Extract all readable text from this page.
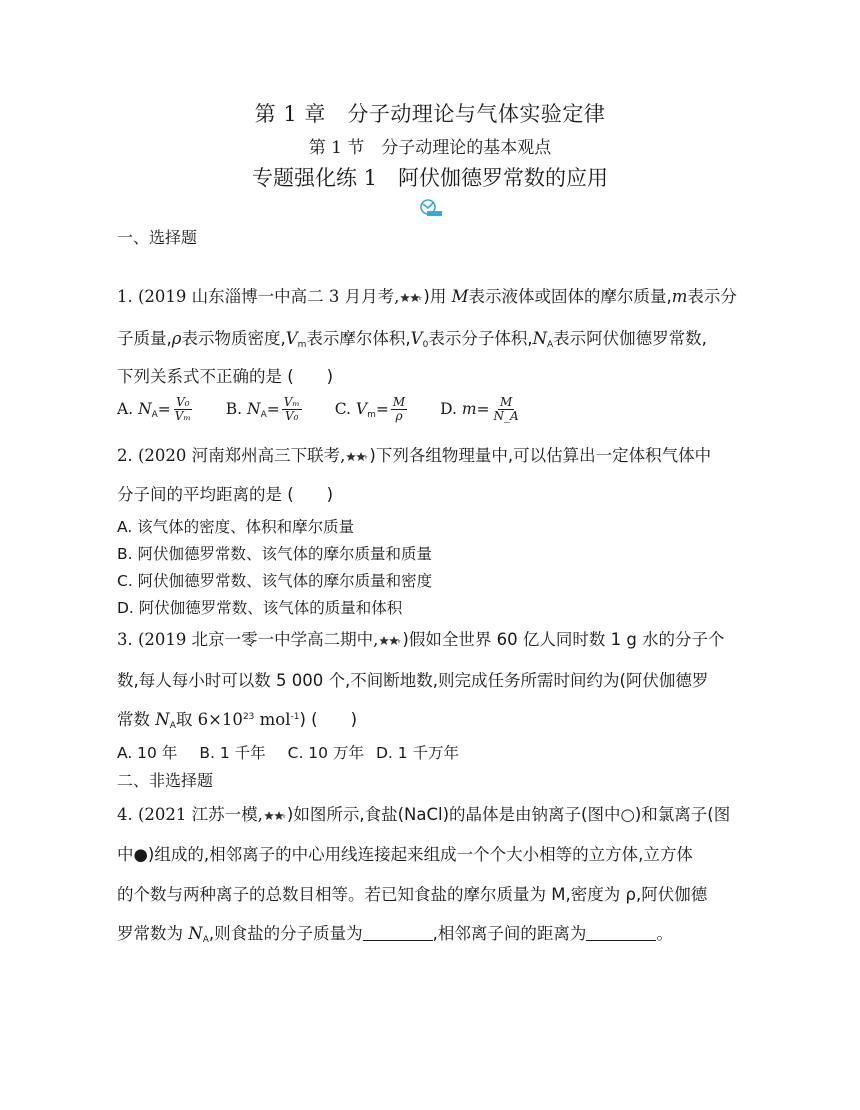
第 1 章　分子动理论与气体实验定律
第 1 节　分子动理论的基本观点
专题强化练 1　阿伏伽德罗常数的应用
一、选择题
1. (2019 山东淄博一中高二 3 月月考, )用 M表示液体或固体的摩尔质量,m表示分
子质量,ρ表示物质密度$,V_m$表示摩尔体积$,V_0$表示分子体积$,N_A$表示阿伏伽德罗常数,
下列关系式不正确的是 (　　)
A. $N_A= \frac{\text{V₀}}{\text{Vₘ}} B$. $N_A= \frac{\text{Vₘ}}{\text{V₀}} C$. $V_m= \frac{M}{\rho} D$. $m= \frac{M}{N\_A}$
2. (2020 河南郑州高三下联考, )下列各组物理量中,可以估算出一定体积气体中
分子间的平均距离的是 (　　)
A. 该气体的密度、体积和摩尔质量
B. 阿伏伽德罗常数、该气体的摩尔质量和质量
C. 阿伏伽德罗常数、该气体的摩尔质量和密度
D. 阿伏伽德罗常数、该气体的质量和体积
3. (2019 北京一零一中学高二期中, )假如全世界 60 亿人同时数 1 g 水的分子个
数,每人每小时可以数 5 000 个,不间断地数,则完成任务所需时间约为(阿伏伽德罗
常数 $N_A$取 $6\times 10^{23}$ mol$^{-1}$) (　　)
A. 10 年 B. 1 千年 C. 10 万年 D. 1 千万年
二、非选择题
4. (2021 江苏一模, )如图所示,食盐(NaCl)的晶体是由钠离子(图中○)和氯离子(图
中●)组成的,相邻离子的中心用线连接起来组成一个个大小相等的立方体,立方体
的个数与两种离子的总数目相等。若已知食盐的摩尔质量为 M,密度为 ρ,阿伏伽德
罗常数为 $N_A$,则食盐的分子质量为	,相邻离子间的距离为	。
